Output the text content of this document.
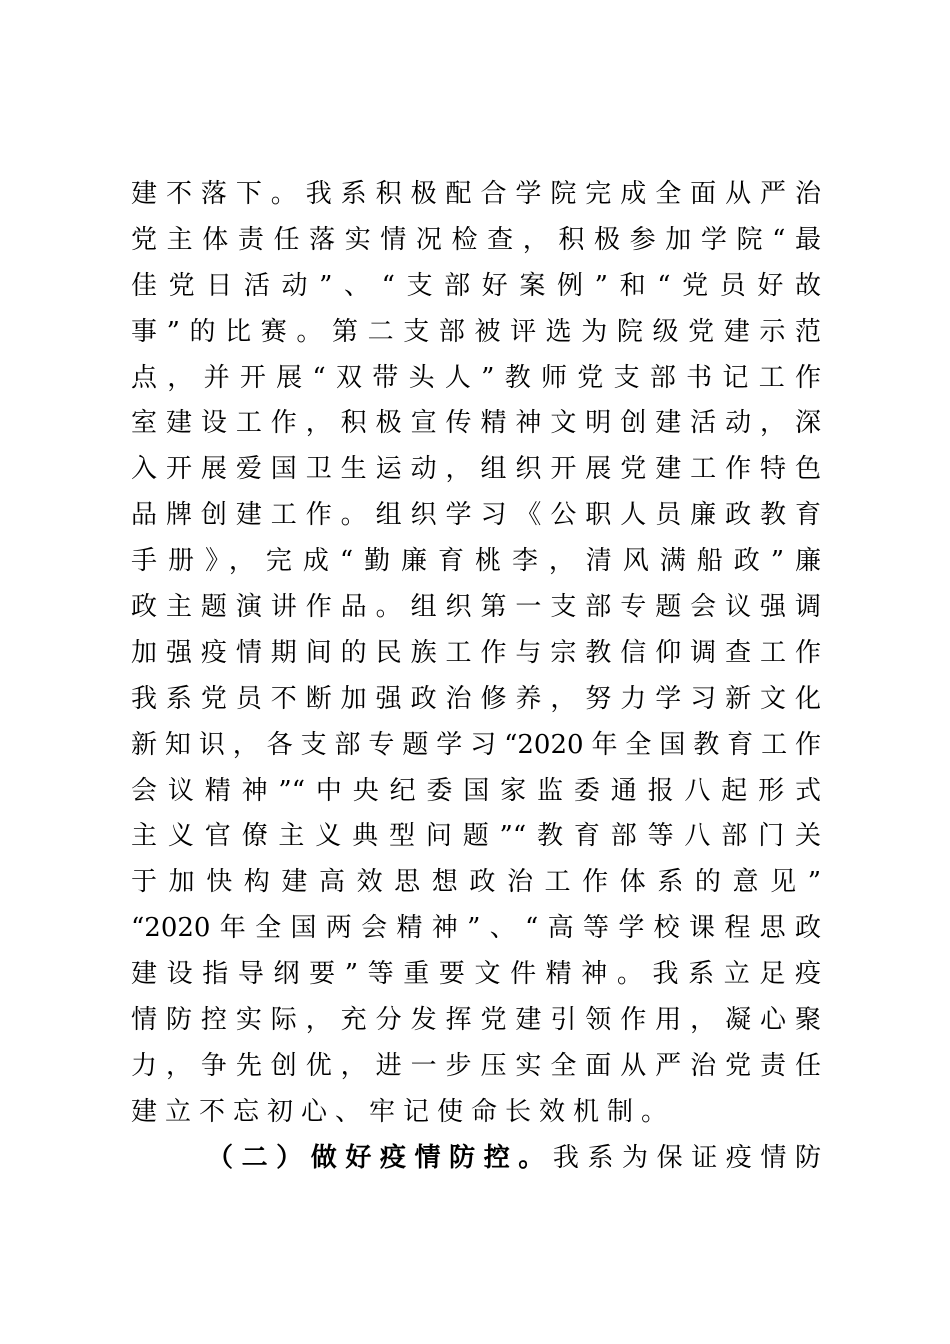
建不落下。我系积极配合学院完成全面从严治
党主体责任落实情况检查，积极参加学院“最
佳党日活动”、“支部好案例”和“党员好故
事”的比赛。第二支部被评选为院级党建示范
点，并开展“双带头人”教师党支部书记工作
室建设工作，积极宣传精神文明创建活动，深
入开展爱国卫生运动，组织开展党建工作特色
品牌创建工作。组织学习《公职人员廉政教育
手册》，完成“勤廉育桃李，清风满船政”廉
政主题演讲作品。组织第一支部专题会议强调
加强疫情期间的民族工作与宗教信仰调查工作
我系党员不断加强政治修养，努力学习新文化
新知识，各支部专题学习“2020年全国教育工作
会议精神”“中央纪委国家监委通报八起形式
主义官僚主义典型问题”“教育部等八部门关
于加快构建高效思想政治工作体系的意见”
“2020年全国两会精神”、“高等学校课程思政
建设指导纲要”等重要文件精神。我系立足疫
情防控实际，充分发挥党建引领作用，凝心聚
力，争先创优，进一步压实全面从严治党责任
建立不忘初心、牢记使命长效机制。
（二）做好疫情防控。我系为保证疫情防
